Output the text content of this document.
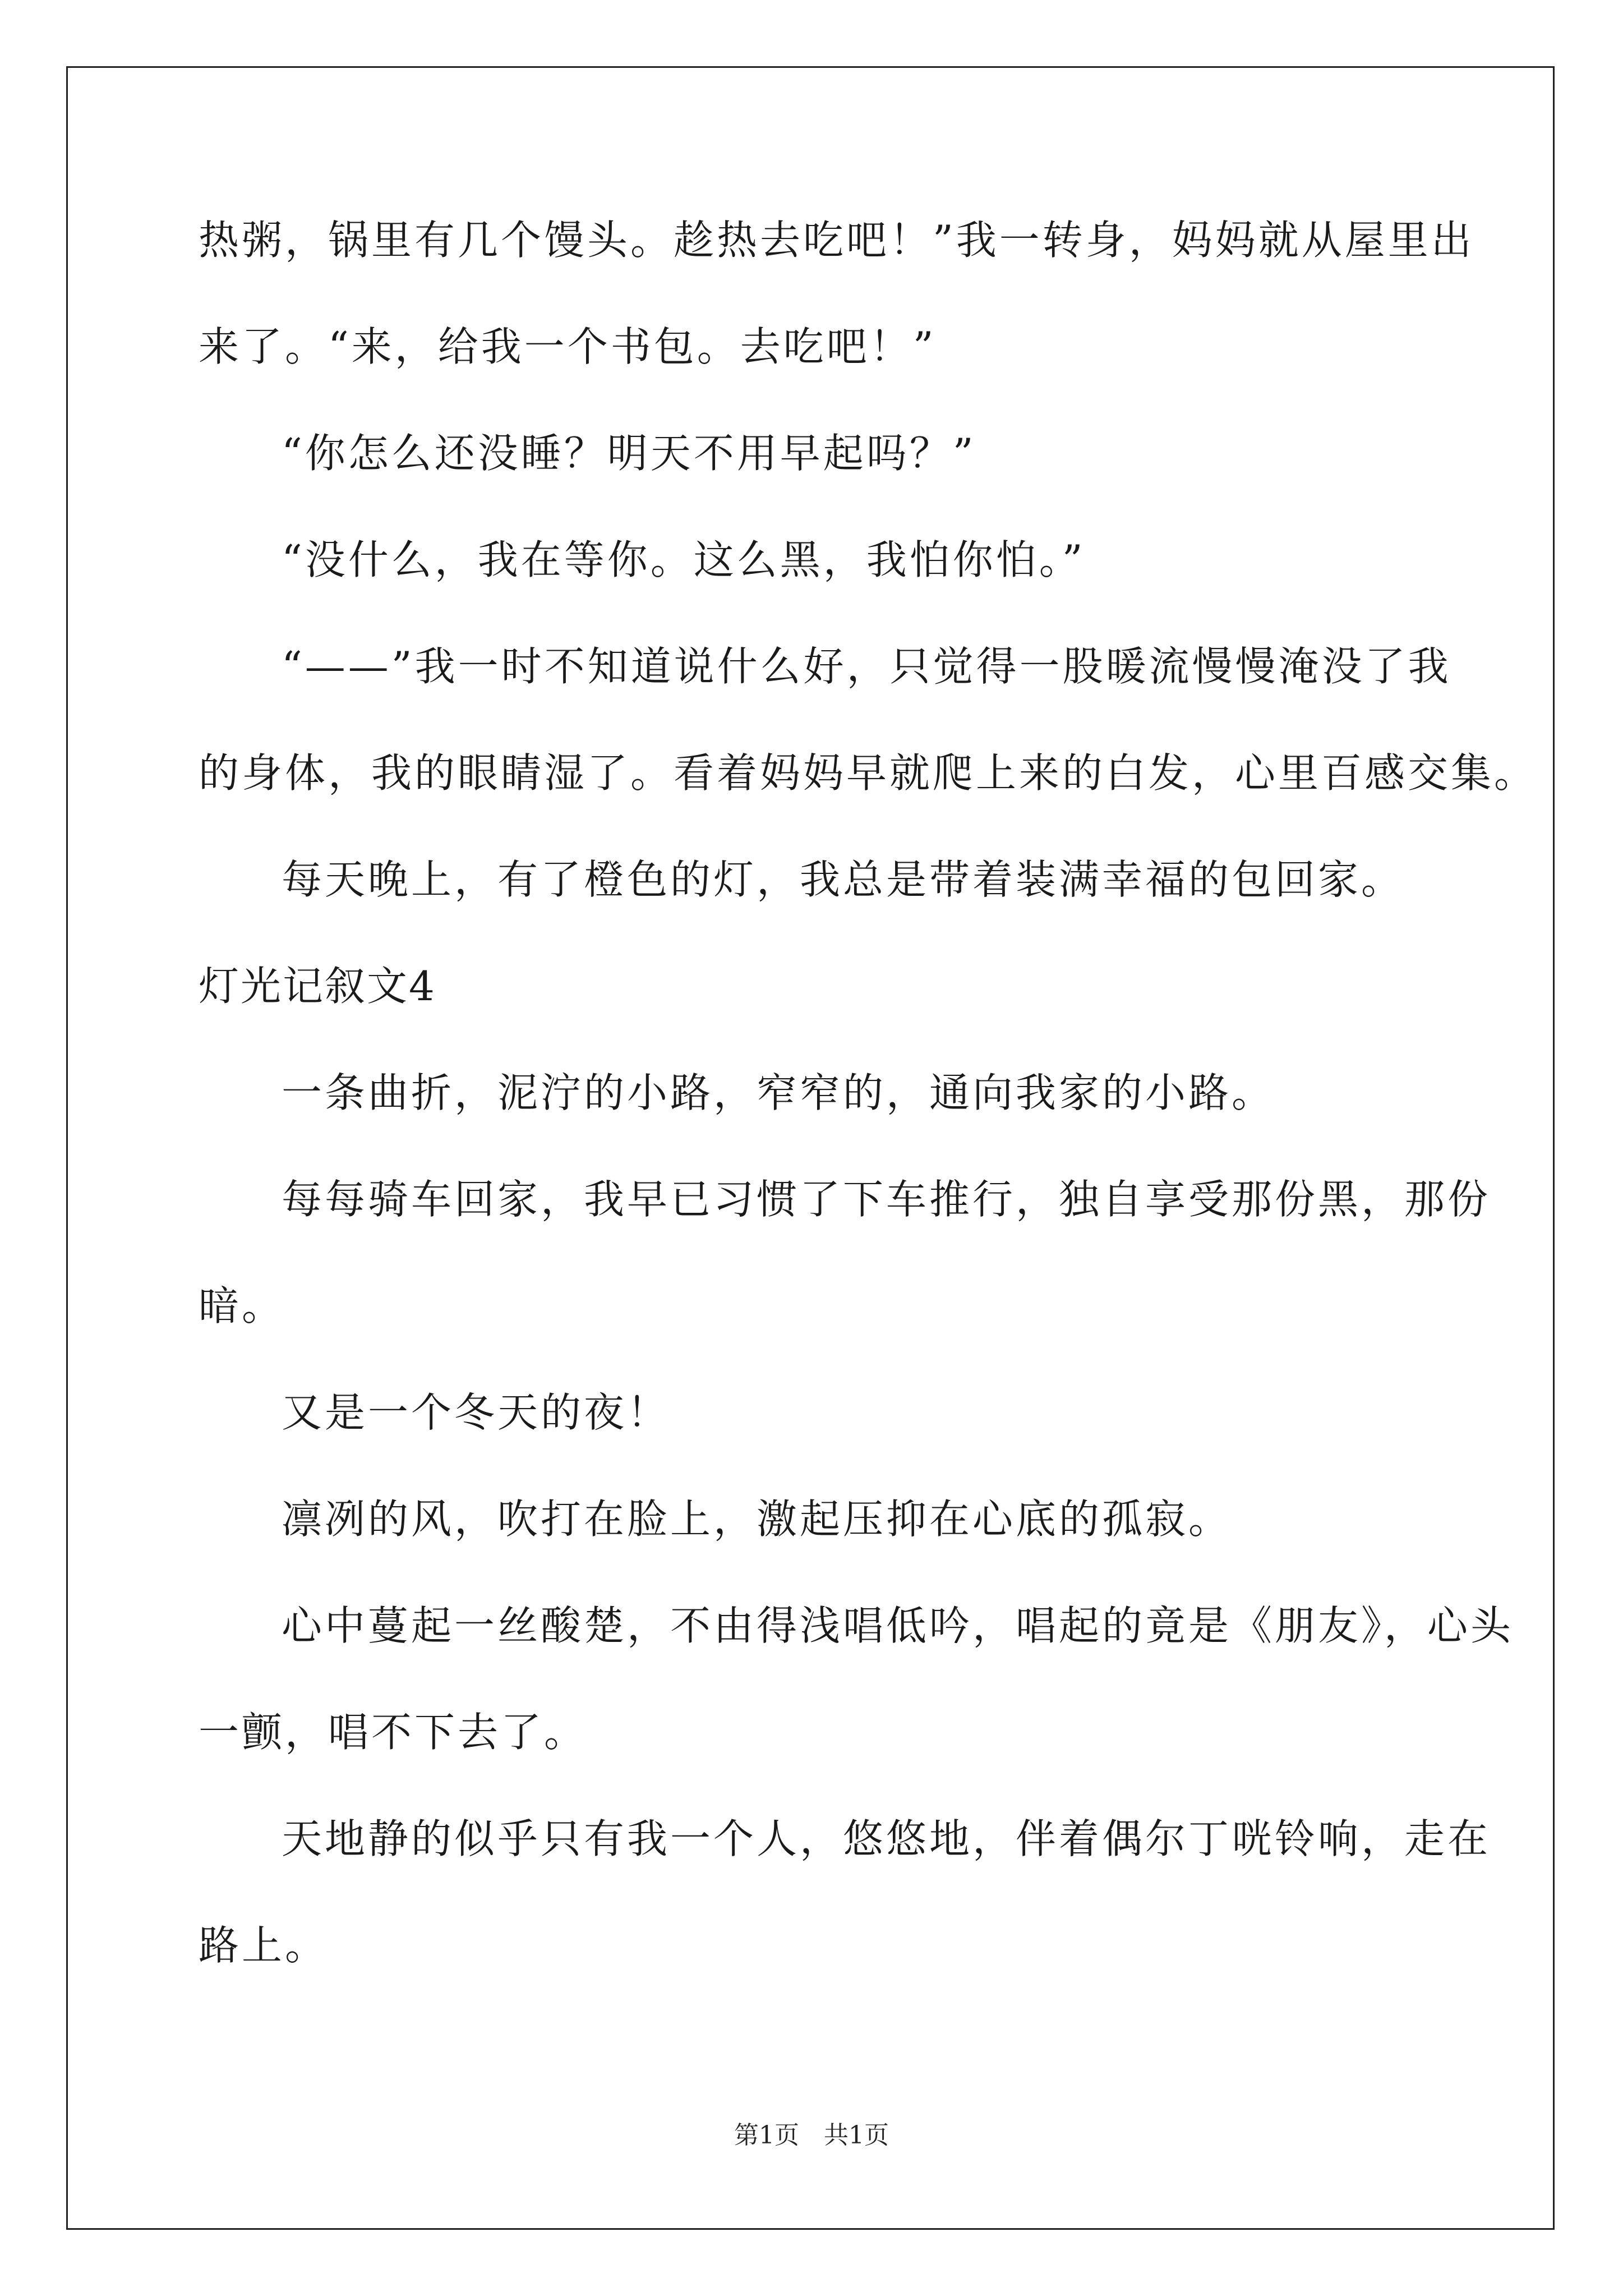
热粥，锅里有几个馒头。趁热去吃吧！”我一转身，妈妈就从屋里出
来了。“来，给我一个书包。去吃吧！”
“你怎么还没睡？明天不用早起吗？”
“没什么，我在等你。这么黑，我怕你怕。”
“——”我一时不知道说什么好，只觉得一股暖流慢慢淹没了我
的身体，我的眼睛湿了。看着妈妈早就爬上来的白发，心里百感交集。
每天晚上，有了橙色的灯，我总是带着装满幸福的包回家。
灯光记叙文4
一条曲折，泥泞的小路，窄窄的，通向我家的小路。
每每骑车回家，我早已习惯了下车推行，独自享受那份黑，那份
暗。
又是一个冬天的夜！
凛冽的风，吹打在脸上，激起压抑在心底的孤寂。
心中蔓起一丝酸楚，不由得浅唱低吟，唱起的竟是《朋友》，心头
一颤，唱不下去了。
天地静的似乎只有我一个人，悠悠地，伴着偶尔丁咣铃响，走在
路上。
第1页 共1页
